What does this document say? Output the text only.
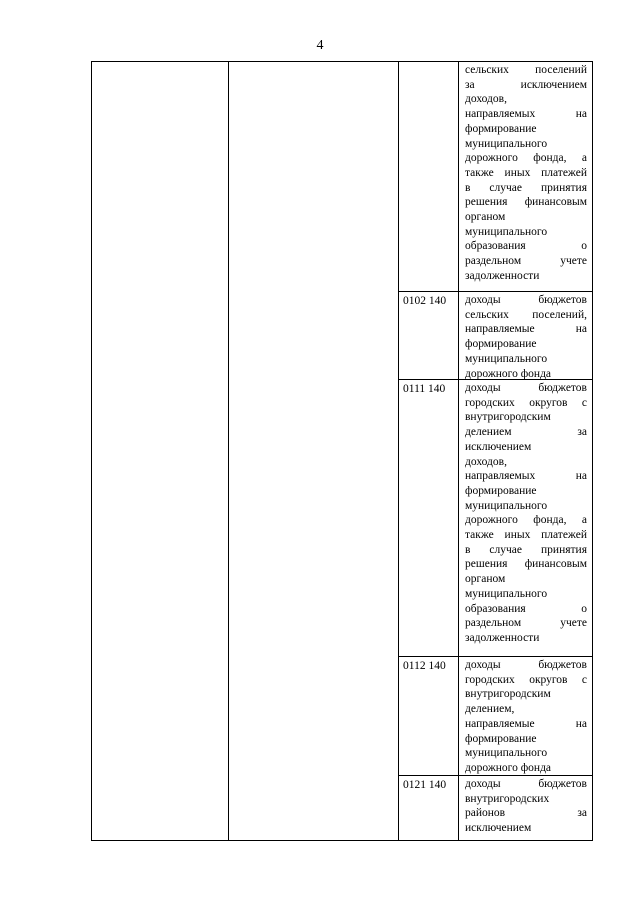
4
сельских поселений
за исключением
доходов,
направляемых на
формирование
муниципального
дорожного фонда, а
также иных платежей
в случае принятия
решения финансовым
органом
муниципального
образования о
раздельном учете
задолженности
0102 140	доходы бюджетов
сельских поселений,
направляемые на
формирование
муниципального
дорожного фонда
0111 140	доходы бюджетов
городских округов с
внутригородским
делением за
исключением
доходов,
направляемых на
формирование
муниципального
дорожного фонда, а
также иных платежей
в случае принятия
решения финансовым
органом
муниципального
образования о
раздельном учете
задолженности
0112 140	доходы бюджетов
городских округов с
внутригородским
делением,
направляемые на
формирование
муниципального
дорожного фонда
0121 140	доходы бюджетов
внутригородских
районов за
исключением
